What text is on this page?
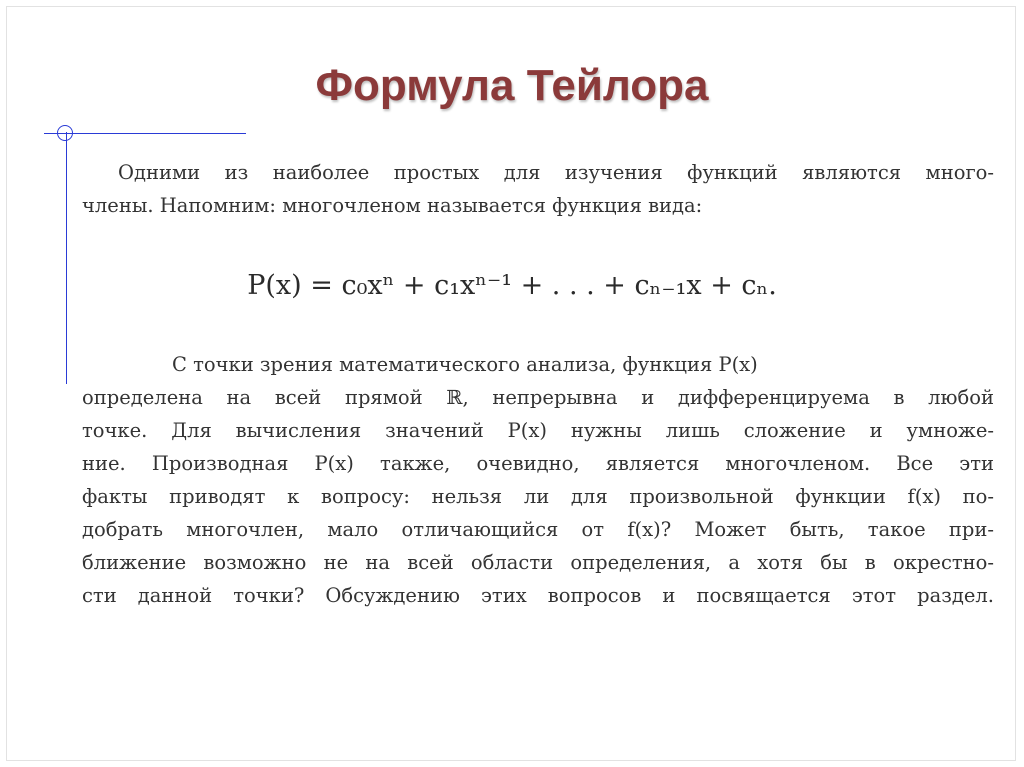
Формула Тейлора
Одними из наиболее простых для изучения функций являются много-
члены. Напомним: многочленом называется функция вида:
P(x) = c₀xⁿ + c₁xⁿ⁻¹ + . . . + cₙ₋₁x + cₙ.
С точки зрения математического анализа, функция P(x)
определена на всей прямой ℝ, непрерывна и дифференцируема в любой
точке. Для вычисления значений P(x) нужны лишь сложение и умноже-
ние. Производная P(x) также, очевидно, является многочленом. Все эти
факты приводят к вопросу: нельзя ли для произвольной функции f(x) по-
добрать многочлен, мало отличающийся от f(x)? Может быть, такое при-
ближение возможно не на всей области определения, а хотя бы в окрестно-
сти данной точки? Обсуждению этих вопросов и посвящается этот раздел.
